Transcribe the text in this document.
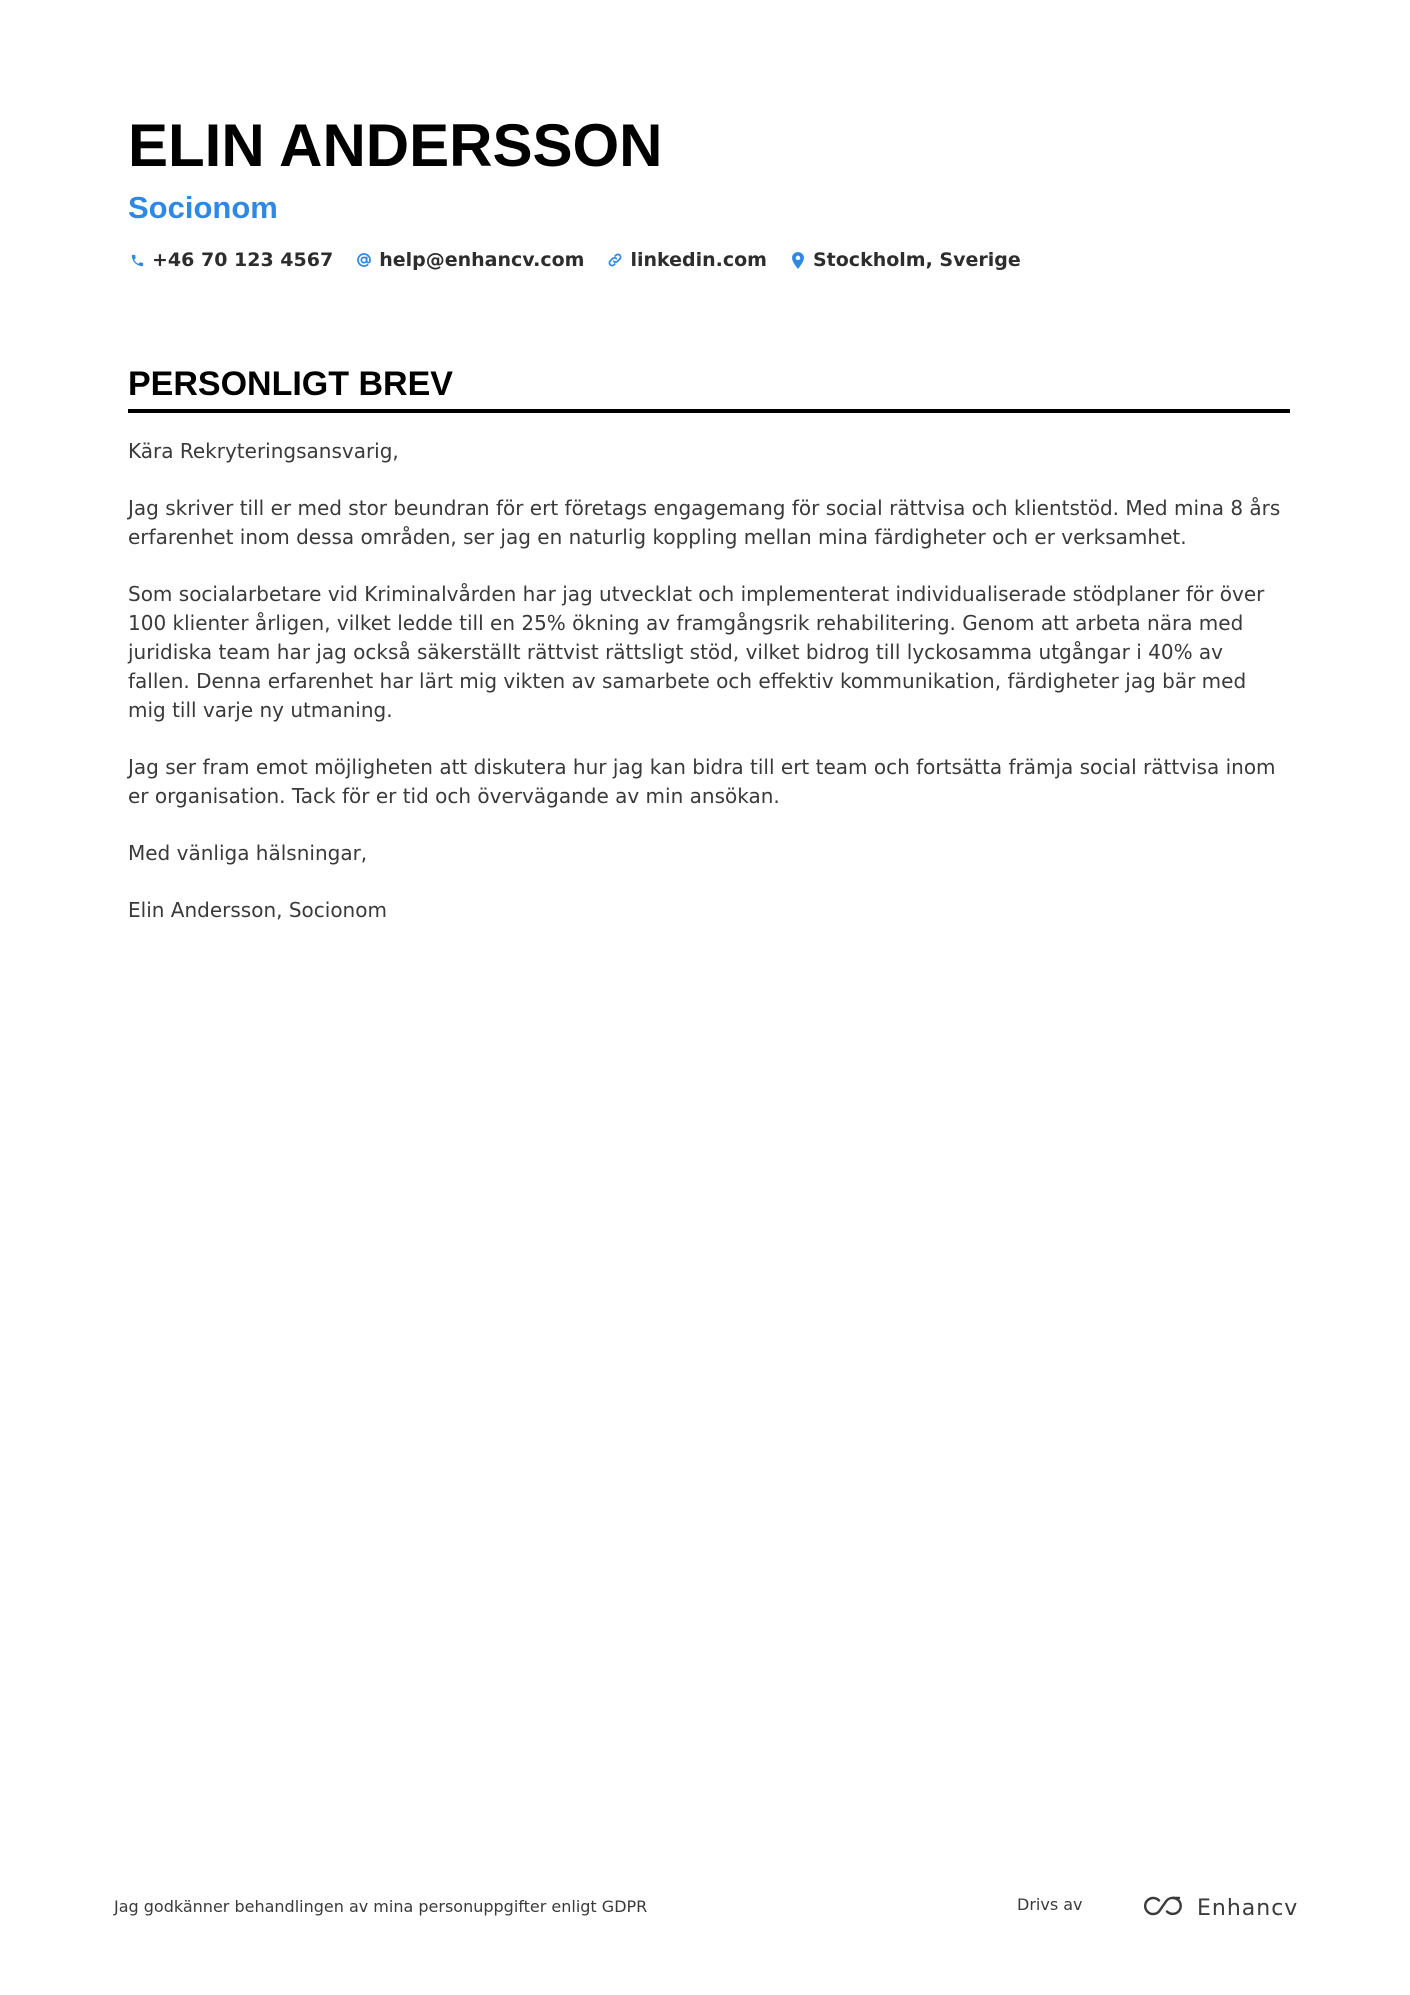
ELIN ANDERSSON
Socionom
+46 70 123 4567 help@enhancv.com linkedin.com Stockholm, Sverige
PERSONLIGT BREV

Kära Rekryteringsansvarig,

Jag skriver till er med stor beundran för ert företags engagemang för social rättvisa och klientstöd. Med mina 8 års erfarenhet inom dessa områden, ser jag en naturlig koppling mellan mina färdigheter och er verksamhet.

Som socialarbetare vid Kriminalvården har jag utvecklat och implementerat individualiserade stödplaner för över 100 klienter årligen, vilket ledde till en 25% ökning av framgångsrik rehabilitering. Genom att arbeta nära med juridiska team har jag också säkerställt rättvist rättsligt stöd, vilket bidrog till lyckosamma utgångar i 40% av fallen. Denna erfarenhet har lärt mig vikten av samarbete och effektiv kommunikation, färdigheter jag bär med mig till varje ny utmaning.

Jag ser fram emot möjligheten att diskutera hur jag kan bidra till ert team och fortsätta främja social rättvisa inom er organisation. Tack för er tid och övervägande av min ansökan.

Med vänliga hälsningar,

Elin Andersson, Socionom

Jag godkänner behandlingen av mina personuppgifter enligt GDPR	Drivs av	Enhancv
